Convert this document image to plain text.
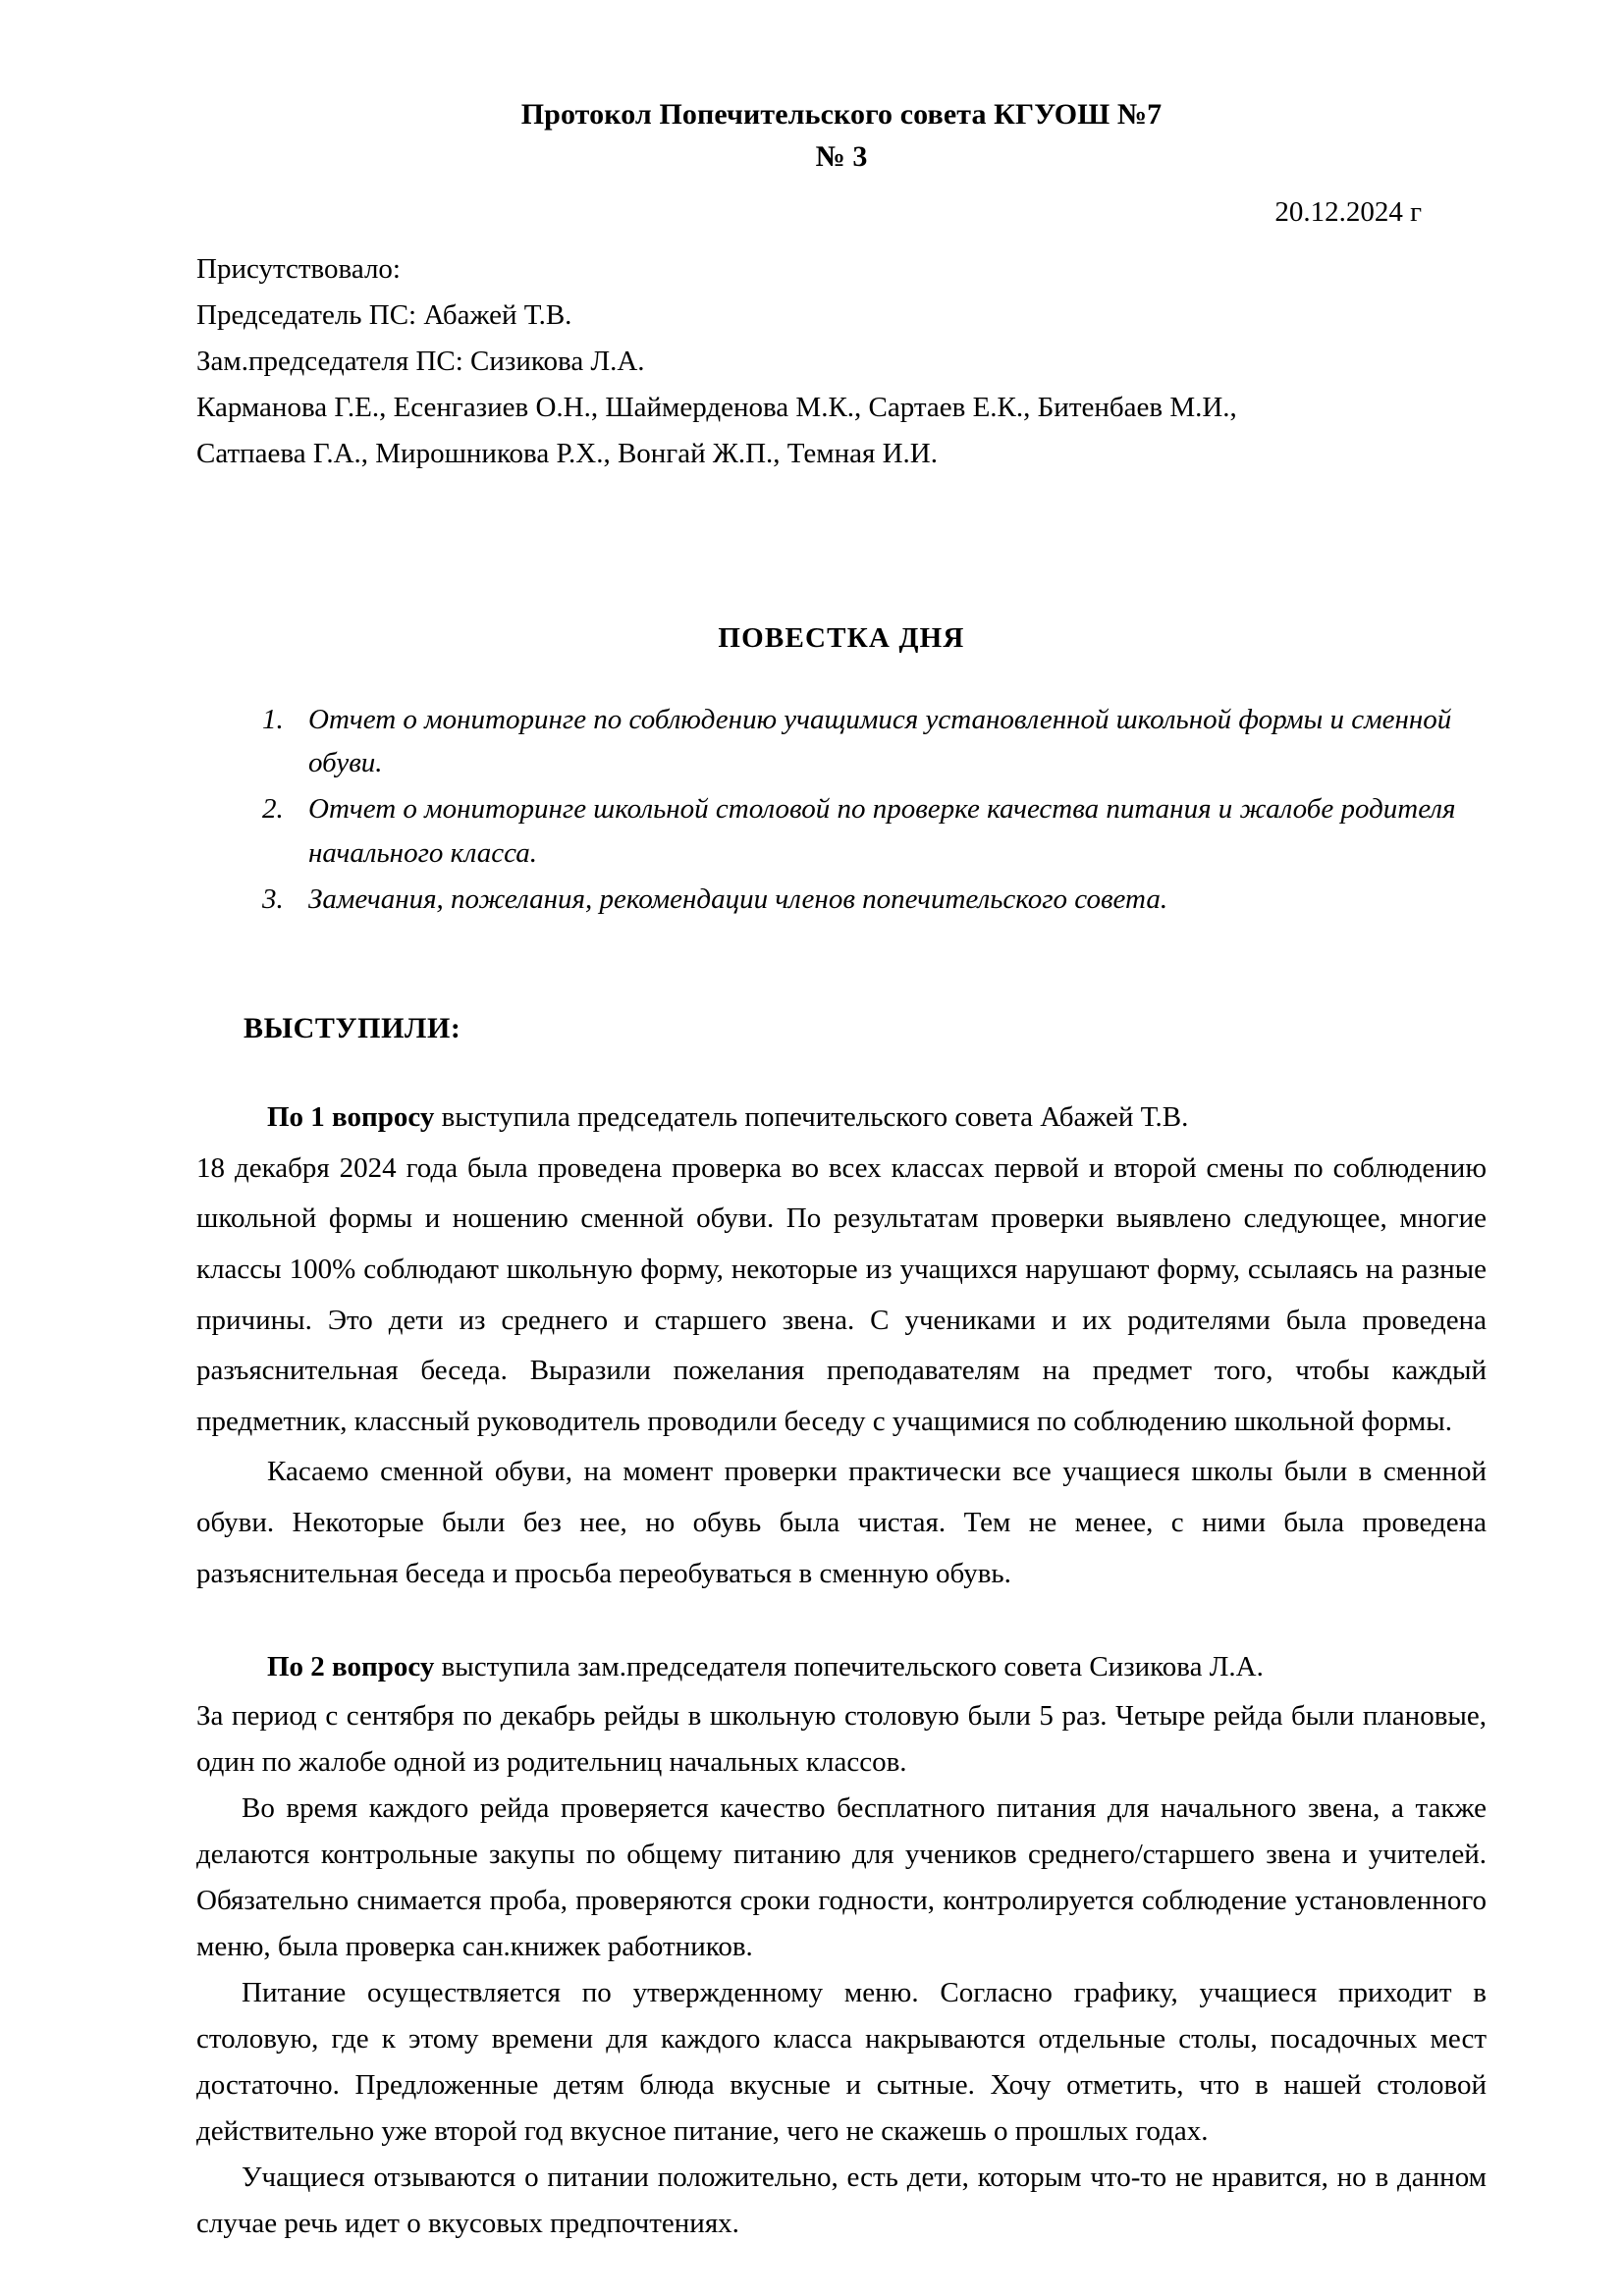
Протокол Попечительского совета КГУОШ №7
№ 3
20.12.2024 г

Присутствовало:

Председатель ПС: Абажей Т.В.

Зам.председателя ПС: Сизикова Л.А.

Карманова Г.Е., Есенгазиев О.Н., Шаймерденова М.К., Сартаев Е.К., Битенбаев М.И.,

Сатпаева Г.А., Мирошникова Р.Х., Вонгай Ж.П., Темная И.И.

ПОВЕСТКА ДНЯ
1. Отчет о мониторинге по соблюдению учащимися установленной школьной формы и сменной обуви.
2. Отчет о мониторинге школьной столовой по проверке качества питания и жалобе родителя начального класса.
3. Замечания, пожелания, рекомендации членов попечительского совета.
ВЫСТУПИЛИ:

По 1 вопросу выступила председатель попечительского совета Абажей Т.В.

18 декабря 2024 года была проведена проверка во всех классах первой и второй смены по соблюдению школьной формы и ношению сменной обуви. По результатам проверки выявлено следующее, многие классы 100% соблюдают школьную форму, некоторые из учащихся нарушают форму, ссылаясь на разные причины. Это дети из среднего и старшего звена. С учениками и их родителями была проведена разъяснительная беседа. Выразили пожелания преподавателям на предмет того, чтобы каждый предметник, классный руководитель проводили беседу с учащимися по соблюдению школьной формы.

Касаемо сменной обуви, на момент проверки практически все учащиеся школы были в сменной обуви. Некоторые были без нее, но обувь была чистая. Тем не менее, с ними была проведена разъяснительная беседа и просьба переобуваться в сменную обувь.

По 2 вопросу выступила зам.председателя попечительского совета Сизикова Л.А.

За период с сентября по декабрь рейды в школьную столовую были 5 раз. Четыре рейда были плановые, один по жалобе одной из родительниц начальных классов.

Во время каждого рейда проверяется качество бесплатного питания для начального звена, а также делаются контрольные закупы по общему питанию для учеников среднего/старшего звена и учителей. Обязательно снимается проба, проверяются сроки годности, контролируется соблюдение установленного меню, была проверка сан.книжек работников.

Питание осуществляется по утвержденному меню. Согласно графику, учащиеся приходит в столовую, где к этому времени для каждого класса накрываются отдельные столы, посадочных мест достаточно. Предложенные детям блюда вкусные и сытные. Хочу отметить, что в нашей столовой действительно уже второй год вкусное питание, чего не скажешь о прошлых годах.

Учащиеся отзываются о питании положительно, есть дети, которым что-то не нравится, но в данном случае речь идет о вкусовых предпочтениях.
